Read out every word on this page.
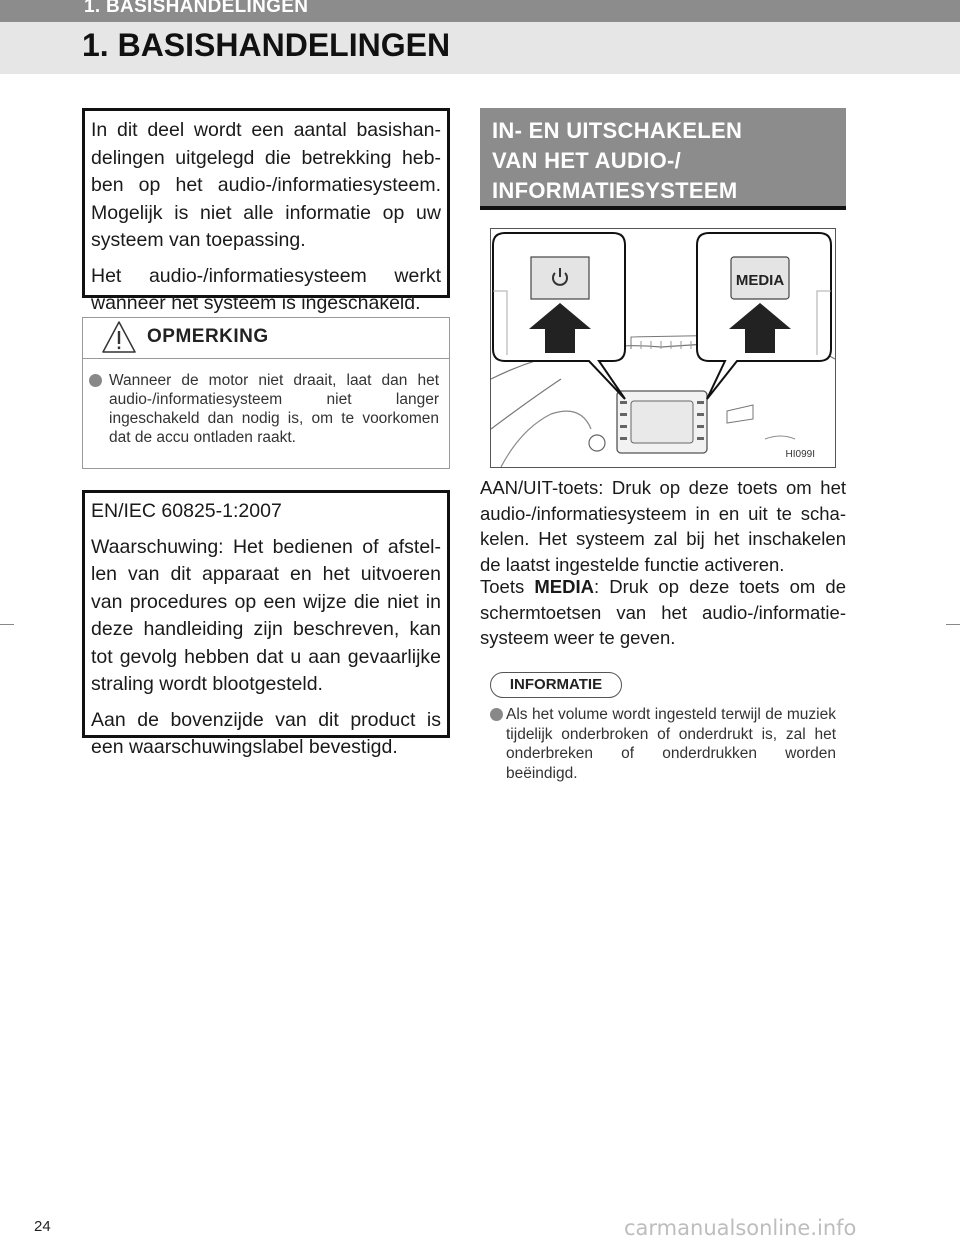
1. BASISHANDELINGEN
1. BASISHANDELINGEN

In dit deel wordt een aantal basishandelingen uitgelegd die betrekking hebben op het audio-/informatiesysteem. Mogelijk is niet alle informatie op uw systeem van toepassing.

Het audio-/informatiesysteem werkt wanneer het systeem is ingeschakeld.

OPMERKING
Wanneer de motor niet draait, laat dan het audio-/informatiesysteem niet langer ingeschakeld dan nodig is, om te voorkomen dat de accu ontladen raakt.

EN/IEC 60825-1:2007

Waarschuwing: Het bedienen of afstellen van dit apparaat en het uitvoeren van procedures op een wijze die niet in deze handleiding zijn beschreven, kan tot gevolg hebben dat u aan gevaarlijke straling wordt blootgesteld.

Aan de bovenzijde van dit product is een waarschuwingslabel bevestigd.

IN- EN UITSCHAKELEN
VAN HET AUDIO-/
INFORMATIESYSTEEM
MEDIA
HI099I

AAN/UIT-toets: Druk op deze toets om het audio-/informatiesysteem in en uit te schakelen. Het systeem zal bij het inschakelen de laatst ingestelde functie activeren.

Toets MEDIA: Druk op deze toets om de schermtoetsen van het audio-/informatiesysteem weer te geven.

INFORMATIE
Als het volume wordt ingesteld terwijl de muziek tijdelijk onderbroken of onderdrukt is, zal het onderbreken of onderdrukken worden beëindigd.
24	carmanualsonline.info
